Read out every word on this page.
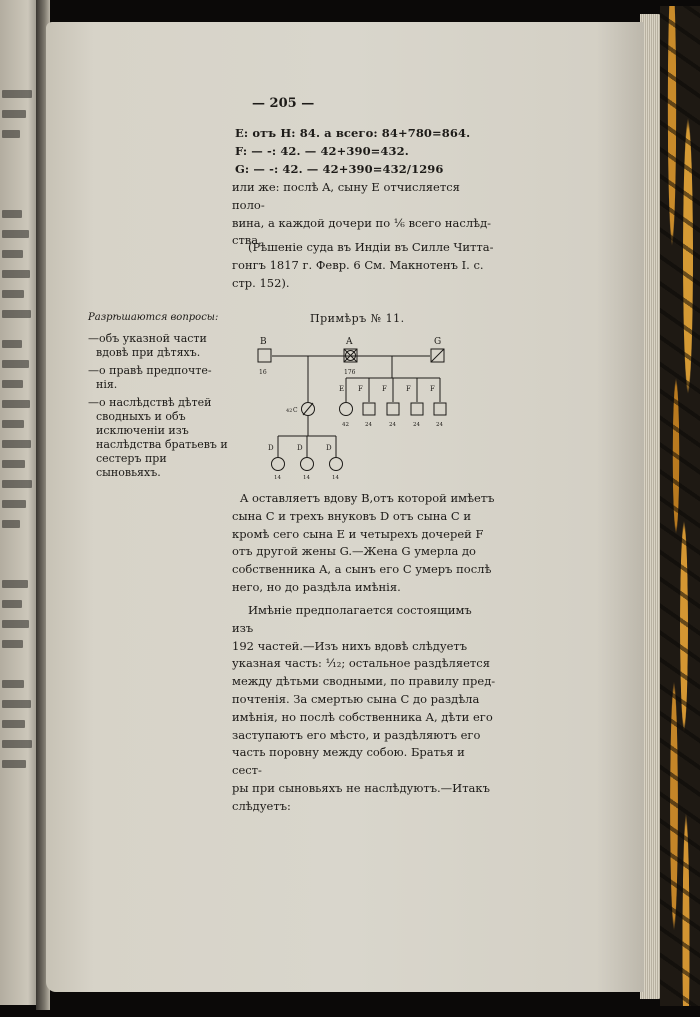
— 205 —
E: отъ H: 84. а всего: 84+780=864.
F: — -: 42. — 42+390=432.
G: — -: 42. — 42+390=432/1296
или же: послѣ A, сыну E отчисляется поло-
вина, а каждой дочери по ⅙ всего наслѣд-
ства.
(Рѣшеніе суда въ Индіи въ Силле Читта-
гонгъ 1817 г. Февр. 6 См. Макнотенъ I. с.
стр. 152).
Разрѣшаются вопросы:

—объ указной части вдовѣ при дѣтяхъ.

—о правѣ предпочте-нія.

—о наслѣдствѣ дѣтей сводныхъ и объ исключеніи изъ наслѣдства братьевъ и сестеръ при сыновьяхъ.

Примѣръ № 11.
B	A	G
16	176
E F	F	F	F
C
42
42	24	24	24	24
D	D	D
14	14	14
A оставляетъ вдову B,отъ которой имѣетъ
сына C и трехъ внуковъ D отъ сына C и
кромѣ сего сына E и четырехъ дочерей F
отъ другой жены G.—Жена G умерла до
собственника A, а сынъ его C умеръ послѣ
него, но до раздѣла имѣнія.
Имѣніе предполагается состоящимъ изъ
192 частей.—Изъ нихъ вдовѣ слѣдуетъ
указная часть: ⅟₁₂; остальное раздѣляется
между дѣтьми сводными, по правилу пред-
почтенія. За смертью сына C до раздѣла
имѣнія, но послѣ собственника A, дѣти его
заступаютъ его мѣсто, и раздѣляютъ его
часть поровну между собою. Братья и сест-
ры при сыновьяхъ не наслѣдуютъ.—Итакъ
слѣдуетъ:
